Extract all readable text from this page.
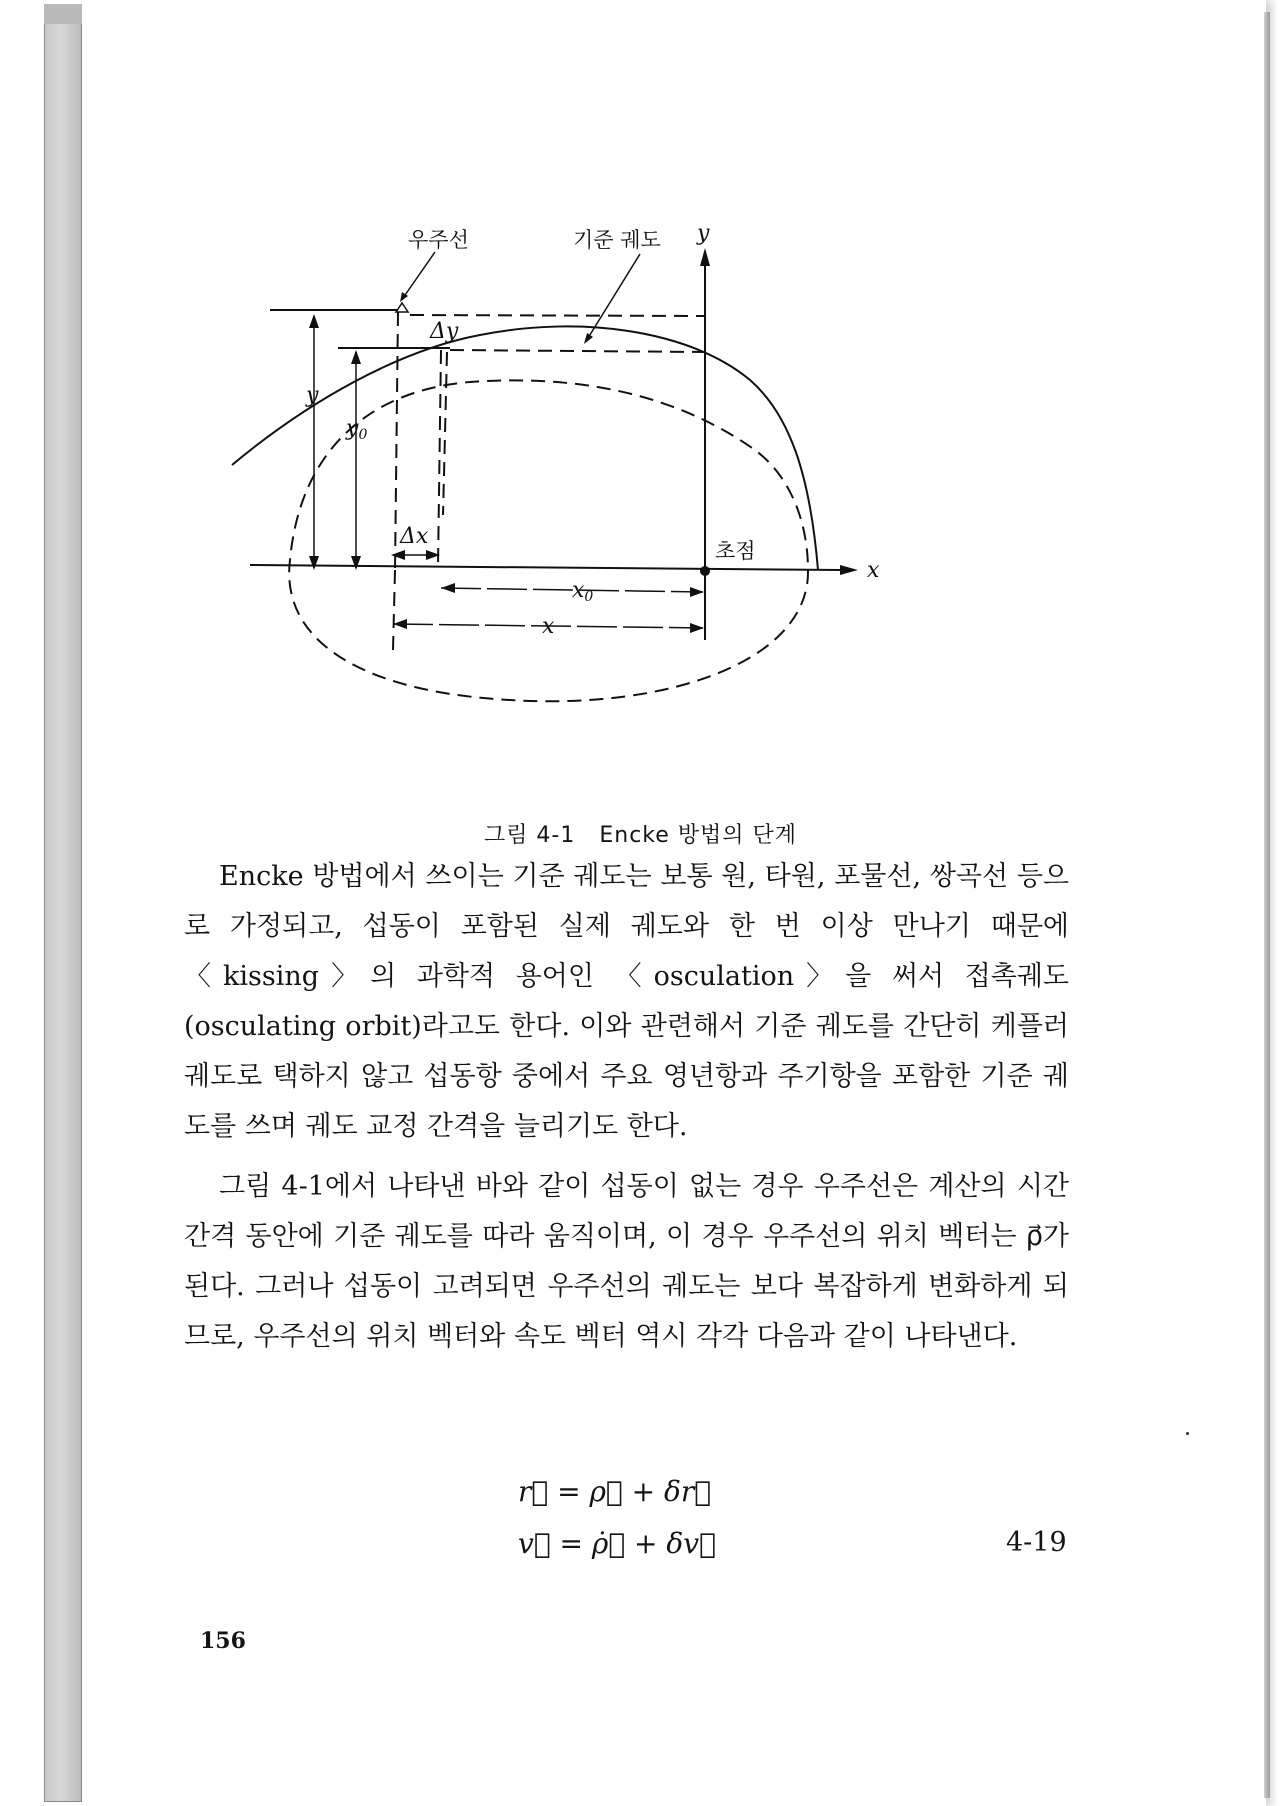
우주선	기준 궤도 y
x
초점
y
y0
Δy
Δx
x0
x
그림 4-1 Encke 방법의 단계

Encke 방법에서 쓰이는 기준 궤도는 보통 원, 타원, 포물선, 쌍곡선 등으로 가정되고, 섭동이 포함된 실제 궤도와 한 번 이상 만나기 때문에 〈kissing〉의 과학적 용어인 〈osculation〉을 써서 접촉궤도(osculating orbit)라고도 한다. 이와 관련해서 기준 궤도를 간단히 케플러 궤도로 택하지 않고 섭동항 중에서 주요 영년항과 주기항을 포함한 기준 궤도를 쓰며 궤도 교정 간격을 늘리기도 한다.

그림 4-1에서 나타낸 바와 같이 섭동이 없는 경우 우주선은 계산의 시간 간격 동안에 기준 궤도를 따라 움직이며, 이 경우 우주선의 위치 벡터는 ρ⃗가 된다. 그러나 섭동이 고려되면 우주선의 궤도는 보다 복잡하게 변화하게 되므로, 우주선의 위치 벡터와 속도 벡터 역시 각각 다음과 같이 나타낸다.

r⃗ = ρ⃗ + δr⃗
v⃗ = ρ̇⃗ + δv⃗	4-19
156
